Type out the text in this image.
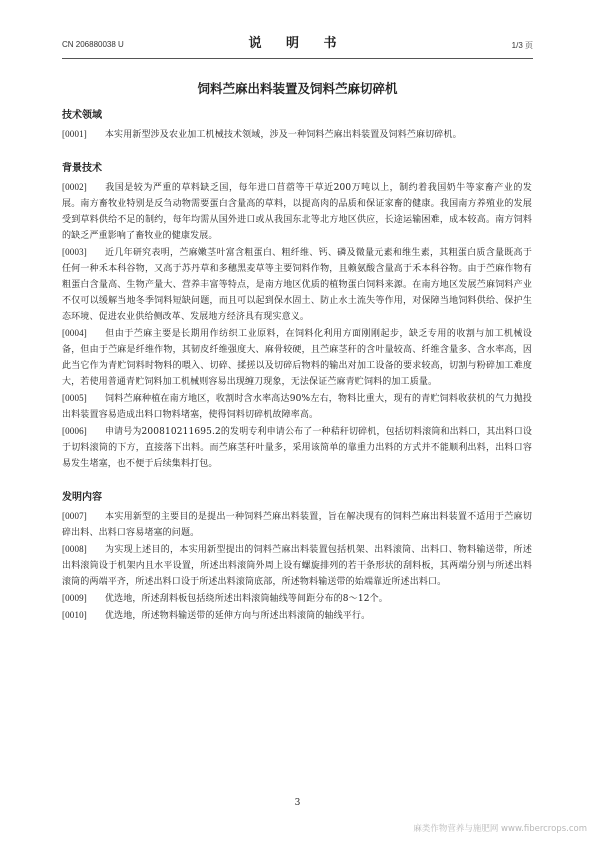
CN 206880038 U	说 明 书	1/3 页
饲料苎麻出料装置及饲料苎麻切碎机
技术领域

[0001] 本实用新型涉及农业加工机械技术领域，涉及一种饲料苎麻出料装置及饲料苎麻切碎机。

背景技术

[0002] 我国是较为严重的草料缺乏国，每年进口苜蓿等干草近200万吨以上，制约着我国奶牛等家畜产业的发展。南方畜牧业特别是反刍动物需要蛋白含量高的草料，以提高肉的品质和保证家畜的健康。我国南方养殖业的发展受到草料供给不足的制约，每年均需从国外进口或从我国东北等北方地区供应，长途运输困难，成本较高。南方饲料的缺乏严重影响了畜牧业的健康发展。

[0003] 近几年研究表明，苎麻嫩茎叶富含粗蛋白、粗纤维、钙、磷及微量元素和维生素，其粗蛋白质含量既高于任何一种禾本科谷物，又高于苏丹草和多穗黑麦草等主要饲料作物，且赖氨酸含量高于禾本科谷物。由于苎麻作物有粗蛋白含量高、生物产量大、营养丰富等特点，是南方地区优质的植物蛋白饲料来源。在南方地区发展苎麻饲料产业不仅可以缓解当地冬季饲料短缺问题，而且可以起到保水固土、防止水土流失等作用，对保障当地饲料供给、保护生态环境、促进农业供给侧改革、发展地方经济具有现实意义。

[0004] 但由于苎麻主要是长期用作纺织工业原料，在饲料化利用方面刚刚起步，缺乏专用的收割与加工机械设备，但由于苎麻是纤维作物，其韧皮纤维强度大、麻骨较硬，且苎麻茎秆的含叶量较高、纤维含量多、含水率高，因此当它作为青贮饲料时物料的喂入、切碎、揉搓以及切碎后物料的输出对加工设备的要求较高，切割与粉碎加工难度大，若使用普通青贮饲料加工机械则容易出现缠刀现象，无法保证苎麻青贮饲料的加工质量。

[0005] 饲料苎麻种植在南方地区，收割时含水率高达90%左右，物料比重大，现有的青贮饲料收获机的气力抛投出料装置容易造成出料口物料堵塞，使得饲料切碎机故障率高。

[0006] 申请号为200810211695.2的发明专利申请公布了一种秸秆切碎机，包括切料滚筒和出料口，其出料口设于切料滚筒的下方，直接落下出料。而苎麻茎秆叶量多，采用该简单的靠重力出料的方式并不能顺利出料，出料口容易发生堵塞，也不便于后续集料打包。

发明内容

[0007] 本实用新型的主要目的是提出一种饲料苎麻出料装置，旨在解决现有的饲料苎麻出料装置不适用于苎麻切碎出料、出料口容易堵塞的问题。

[0008] 为实现上述目的，本实用新型提出的饲料苎麻出料装置包括机架、出料滚筒、出料口、物料输送带，所述出料滚筒设于机架内且水平设置，所述出料滚筒外周上设有螺旋排列的若干条形状的刮料板，其两端分别与所述出料滚筒的两端平齐，所述出料口设于所述出料滚筒底部，所述物料输送带的始端靠近所述出料口。

[0009] 优选地，所述刮料板包括绕所述出料滚筒轴线等间距分布的8～12个。

[0010] 优选地，所述物料输送带的延伸方向与所述出料滚筒的轴线平行。

3
麻类作物营养与施肥网 www.fibercrops.com
